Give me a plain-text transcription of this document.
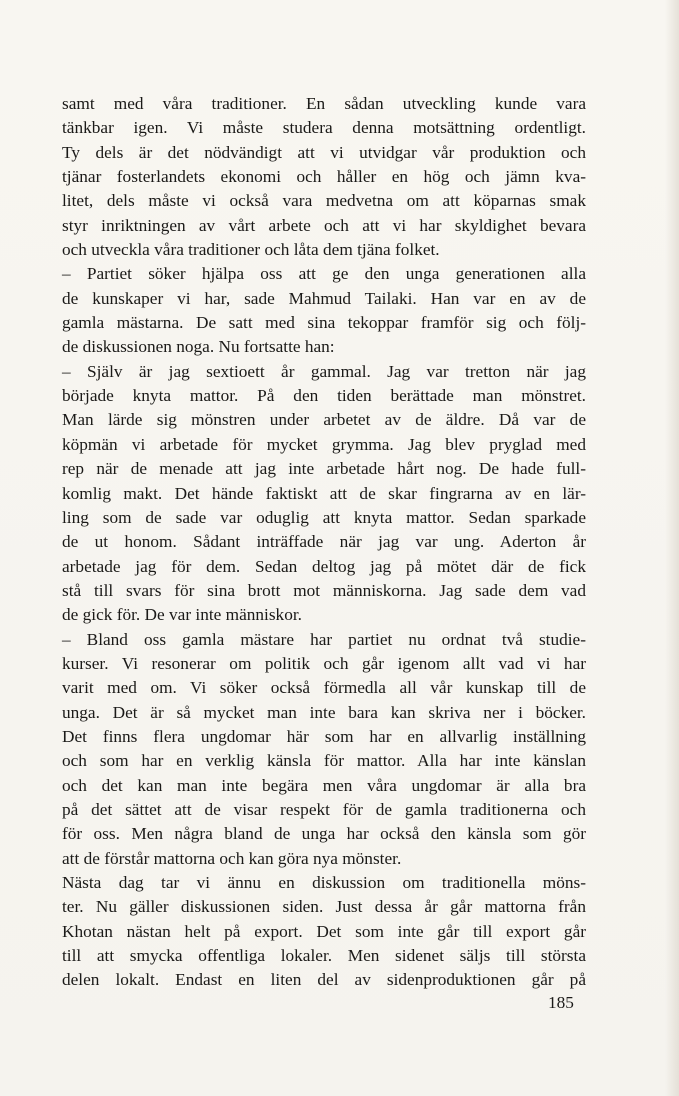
samt med våra traditioner. En sådan utveckling kunde vara
tänkbar igen. Vi måste studera denna motsättning ordentligt.
Ty dels är det nödvändigt att vi utvidgar vår produktion och
tjänar fosterlandets ekonomi och håller en hög och jämn kva-
litet, dels måste vi också vara medvetna om att köparnas smak
styr inriktningen av vårt arbete och att vi har skyldighet bevara
och utveckla våra traditioner och låta dem tjäna folket.
– Partiet söker hjälpa oss att ge den unga generationen alla
de kunskaper vi har, sade Mahmud Tailaki. Han var en av de
gamla mästarna. De satt med sina tekoppar framför sig och följ-
de diskussionen noga. Nu fortsatte han:
– Själv är jag sextioett år gammal. Jag var tretton när jag
började knyta mattor. På den tiden berättade man mönstret.
Man lärde sig mönstren under arbetet av de äldre. Då var de
köpmän vi arbetade för mycket grymma. Jag blev pryglad med
rep när de menade att jag inte arbetade hårt nog. De hade full-
komlig makt. Det hände faktiskt att de skar fingrarna av en lär-
ling som de sade var oduglig att knyta mattor. Sedan sparkade
de ut honom. Sådant inträffade när jag var ung. Aderton år
arbetade jag för dem. Sedan deltog jag på mötet där de fick
stå till svars för sina brott mot människorna. Jag sade dem vad
de gick för. De var inte människor.
– Bland oss gamla mästare har partiet nu ordnat två studie-
kurser. Vi resonerar om politik och går igenom allt vad vi har
varit med om. Vi söker också förmedla all vår kunskap till de
unga. Det är så mycket man inte bara kan skriva ner i böcker.
Det finns flera ungdomar här som har en allvarlig inställning
och som har en verklig känsla för mattor. Alla har inte känslan
och det kan man inte begära men våra ungdomar är alla bra
på det sättet att de visar respekt för de gamla traditionerna och
för oss. Men några bland de unga har också den känsla som gör
att de förstår mattorna och kan göra nya mönster.
Nästa dag tar vi ännu en diskussion om traditionella möns-
ter. Nu gäller diskussionen siden. Just dessa år går mattorna från
Khotan nästan helt på export. Det som inte går till export går
till att smycka offentliga lokaler. Men sidenet säljs till största
delen lokalt. Endast en liten del av sidenproduktionen går på
185
